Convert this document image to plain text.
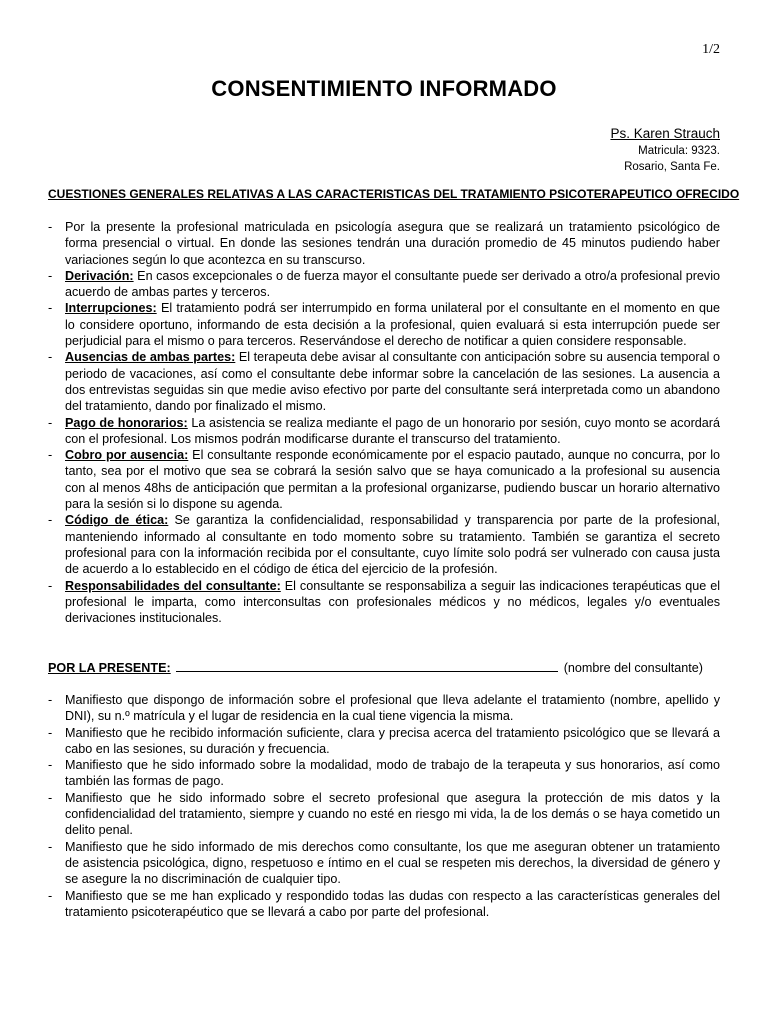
1/2
CONSENTIMIENTO INFORMADO
Ps. Karen Strauch
Matricula: 9323.
Rosario, Santa Fe.
CUESTIONES GENERALES RELATIVAS A LAS CARACTERISTICAS DEL TRATAMIENTO PSICOTERAPEUTICO OFRECIDO
- Por la presente la profesional matriculada en psicología asegura que se realizará un tratamiento psicológico de forma presencial o virtual. En donde las sesiones tendrán una duración promedio de 45 minutos pudiendo haber variaciones según lo que acontezca en su transcurso.
- Derivación: En casos excepcionales o de fuerza mayor el consultante puede ser derivado a otro/a profesional previo acuerdo de ambas partes y terceros.
- Interrupciones: El tratamiento podrá ser interrumpido en forma unilateral por el consultante en el momento en que lo considere oportuno, informando de esta decisión a la profesional, quien evaluará si esta interrupción puede ser perjudicial para el mismo o para terceros. Reservándose el derecho de notificar a quien considere responsable.
- Ausencias de ambas partes: El terapeuta debe avisar al consultante con anticipación sobre su ausencia temporal o periodo de vacaciones, así como el consultante debe informar sobre la cancelación de las sesiones. La ausencia a dos entrevistas seguidas sin que medie aviso efectivo por parte del consultante será interpretada como un abandono del tratamiento, dando por finalizado el mismo.
- Pago de honorarios: La asistencia se realiza mediante el pago de un honorario por sesión, cuyo monto se acordará con el profesional. Los mismos podrán modificarse durante el transcurso del tratamiento.
- Cobro por ausencia: El consultante responde económicamente por el espacio pautado, aunque no concurra, por lo tanto, sea por el motivo que sea se cobrará la sesión salvo que se haya comunicado a la profesional su ausencia con al menos 48hs de anticipación que permitan a la profesional organizarse, pudiendo buscar un horario alternativo para la sesión si lo dispone su agenda.
- Código de ética: Se garantiza la confidencialidad, responsabilidad y transparencia por parte de la profesional, manteniendo informado al consultante en todo momento sobre su tratamiento. También se garantiza el secreto profesional para con la información recibida por el consultante, cuyo límite solo podrá ser vulnerado con causa justa de acuerdo a lo establecido en el código de ética del ejercicio de la profesión.
- Responsabilidades del consultante: El consultante se responsabiliza a seguir las indicaciones terapéuticas que el profesional le imparta, como interconsultas con profesionales médicos y no médicos, legales y/o eventuales derivaciones institucionales.
POR LA PRESENTE:	(nombre del consultante)
- Manifiesto que dispongo de información sobre el profesional que lleva adelante el tratamiento (nombre, apellido y DNI), su n.º matrícula y el lugar de residencia en la cual tiene vigencia la misma.
- Manifiesto que he recibido información suficiente, clara y precisa acerca del tratamiento psicológico que se llevará a cabo en las sesiones, su duración y frecuencia.
- Manifiesto que he sido informado sobre la modalidad, modo de trabajo de la terapeuta y sus honorarios, así como también las formas de pago.
- Manifiesto que he sido informado sobre el secreto profesional que asegura la protección de mis datos y la confidencialidad del tratamiento, siempre y cuando no esté en riesgo mi vida, la de los demás o se haya cometido un delito penal.
- Manifiesto que he sido informado de mis derechos como consultante, los que me aseguran obtener un tratamiento de asistencia psicológica, digno, respetuoso e íntimo en el cual se respeten mis derechos, la diversidad de género y se asegure la no discriminación de cualquier tipo.
- Manifiesto que se me han explicado y respondido todas las dudas con respecto a las características generales del tratamiento psicoterapéutico que se llevará a cabo por parte del profesional.
